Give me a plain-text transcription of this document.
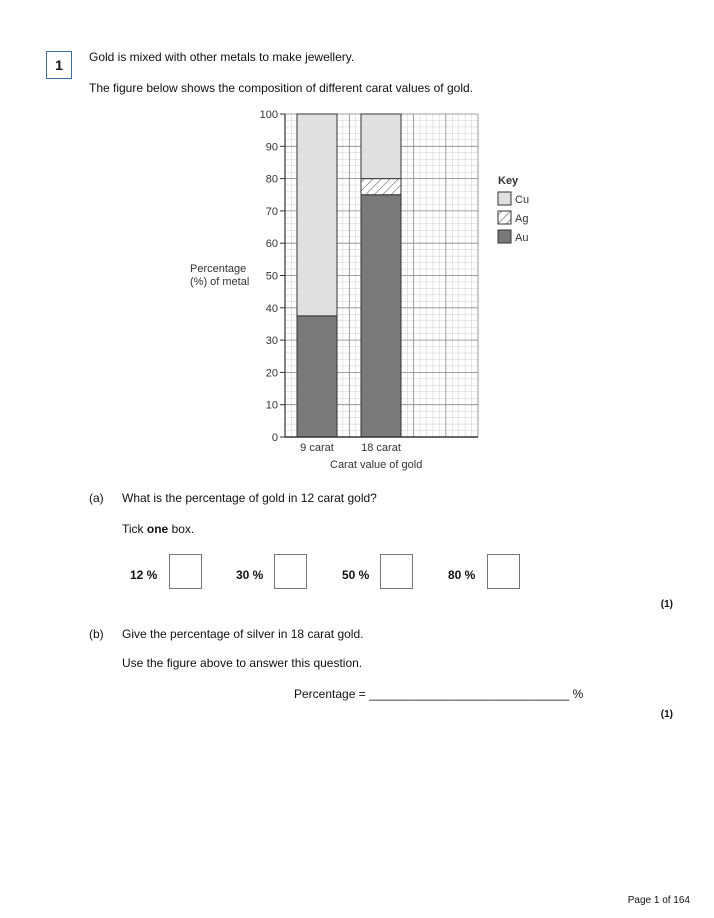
1	Gold is mixed with other metals to make jewellery.
The figure below shows the composition of different carat values of gold.
9 carat 18 carat
0
10
20
30
40
50
60
70
80
90
100
Percentage
(%) of metal
Carat value of gold
Key
Cu
Ag
Au
(a) What is the percentage of gold in 12 carat gold?
Tick one box.
12 %	30 %	50 %	80 %
(1)
(b) Give the percentage of silver in 18 carat gold.
Use the figure above to answer this question.
Percentage = ______________________________ %
(1)
Page 1 of 164
